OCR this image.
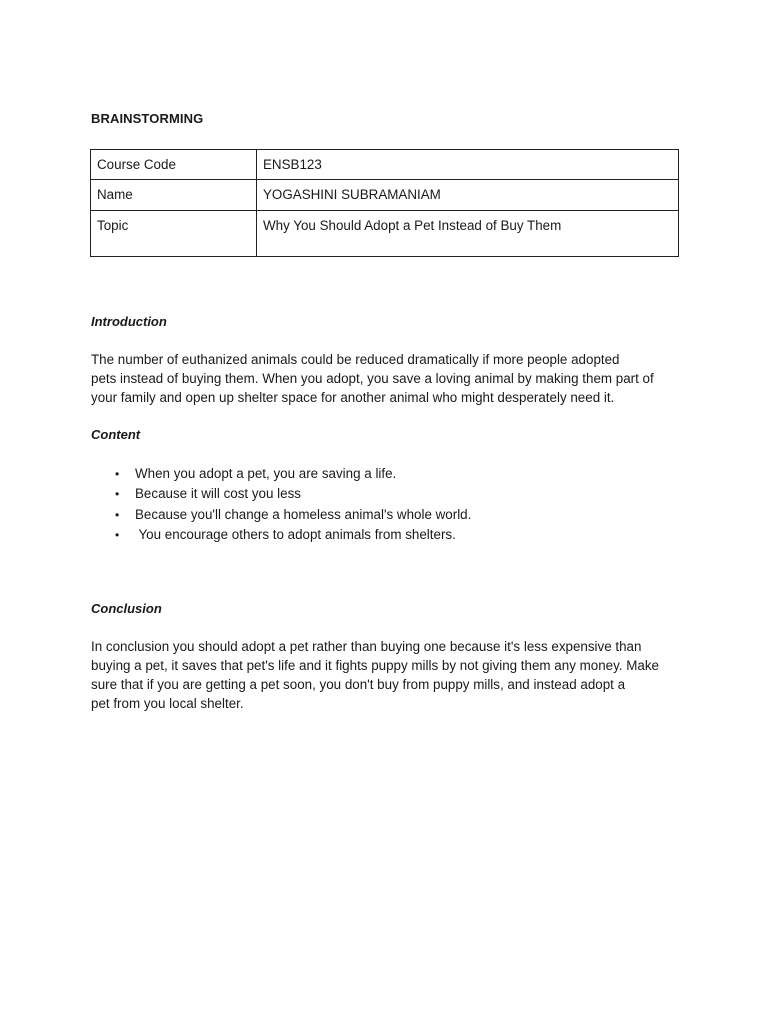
BRAINSTORMING
Course Code	ENSB123
Name	YOGASHINI SUBRAMANIAM
Topic	Why You Should Adopt a Pet Instead of Buy Them
Introduction
The number of euthanized animals could be reduced dramatically if more people adopted
pets instead of buying them. When you adopt, you save a loving animal by making them part of
your family and open up shelter space for another animal who might desperately need it.
Content
• When you adopt a pet, you are saving a life.
• Because it will cost you less
• Because you'll change a homeless animal's whole world.
• You encourage others to adopt animals from shelters.
Conclusion
In conclusion you should adopt a pet rather than buying one because it's less expensive than
buying a pet, it saves that pet's life and it fights puppy mills by not giving them any money. Make
sure that if you are getting a pet soon, you don't buy from puppy mills, and instead adopt a
pet from you local shelter.
